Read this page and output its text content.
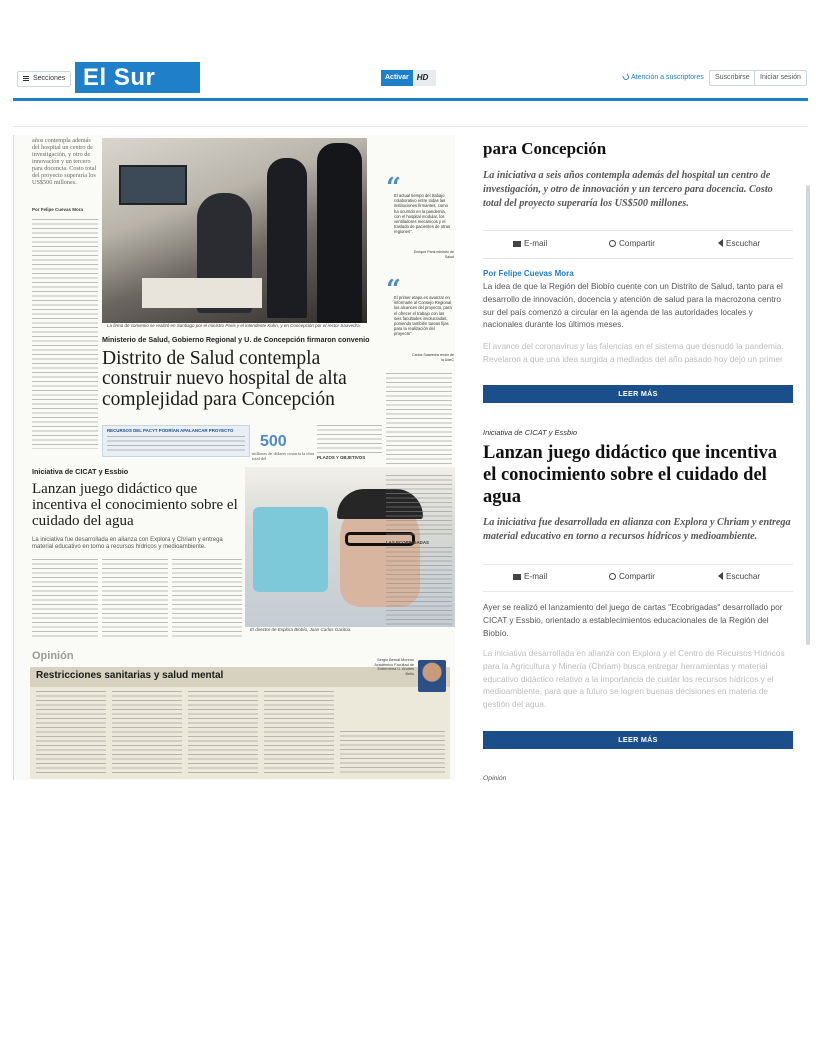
Secciones El Sur	Activar	HD	Atención a suscriptores	Suscribirse	Iniciar sesión
años contempla además del hospital un centro de investigación, y otro de innovación y un tercero para docencia. Costo total del proyecto superaría los US$500 millones.
Por Felipe Cuevas Mora
La firma de convenio se realizó en Santiago por el ministro Paris y el intendente Kuhn, y en Concepción por el rector Saavedra.
“
El actual tiempo del trabajo colaborativo entre todas las instituciones firmantes, como ha ocurrido en la pandemia, con el hospital modular, los ventiladores mecánicos y el traslado de pacientes de otras regiones".
Enrique Paris ministro de Salud
“
El primer etapa es avanzar en informarle al Consejo Regional los alcances del proyecto, para el ofrecer el trabajo con las seis facultades involucradas, poniendo también tareas fijas para la realización del proyecto".
Carlos Saavedra rector de la UdeC
Ministerio de Salud, Gobierno Regional y U. de Concepción firmaron convenio
Distrito de Salud contempla construir nuevo hospital de alta complejidad para Concepción
RECURSOS DEL PACYT PODRÍAN APALANCAR PROYECTO
500
millones de dólares costaría la obra total del	PLAZOS Y OBJETIVOS
Iniciativa de CICAT y Essbio
Lanzan juego didáctico que incentiva el conocimiento sobre el cuidado del agua
La iniciativa fue desarrollada en alianza con Explora y Chriam y entrega material educativo en torno a recursos hídricos y medioambiente.
El director de Explora Biobío, Juan Carlos Gacitúa.
LAS ECOBRIGADAS
Opinión
Restricciones sanitarias y salud mental
Sergio Bernal Moreno Académico Facultad de Enfermería U. Andrés Bello
para Concepción
La iniciativa a seis años contempla además del hospital un centro de investigación, y otro de innovación y un tercero para docencia. Costo total del proyecto superaría los US$500 millones.
E-mail	Compartir	Escuchar
Por Felipe Cuevas Mora
La idea de que la Región del Biobío cuente con un Distrito de Salud, tanto para el desarrollo de innovación, docencia y atención de salud para la macrozona centro sur del país comenzó a circular en la agenda de las autoridades locales y nacionales durante los últimos meses.
El avance del coronavirus y las falencias en el sistema que desnudó la pandemia. Revelaron a que una idea surgida a mediados del año pasado hoy dejó un primer
LEER MÁS
Iniciativa de CICAT y Essbio
Lanzan juego didáctico que incentiva el conocimiento sobre el cuidado del agua
La iniciativa fue desarrollada en alianza con Explora y Chriam y entrega material educativo en torno a recursos hídricos y medioambiente.
E-mail	Compartir	Escuchar
Ayer se realizó el lanzamiento del juego de cartas "Ecobrigadas" desarrollado por CICAT y Essbio, orientado a establecimientos educacionales de la Región del Biobío.
La iniciativa desarrollada en alianza con Explora y el Centro de Recursos Hídricos para la Agricultura y Minería (Chriam) busca entregar herramientas y material educativo didáctico relativo a la importancia de cuidar los recursos hídricos y el medioambiente, para que a futuro se logren buenas decisiones en materia de gestión del agua.
LEER MÁS
Opinión
